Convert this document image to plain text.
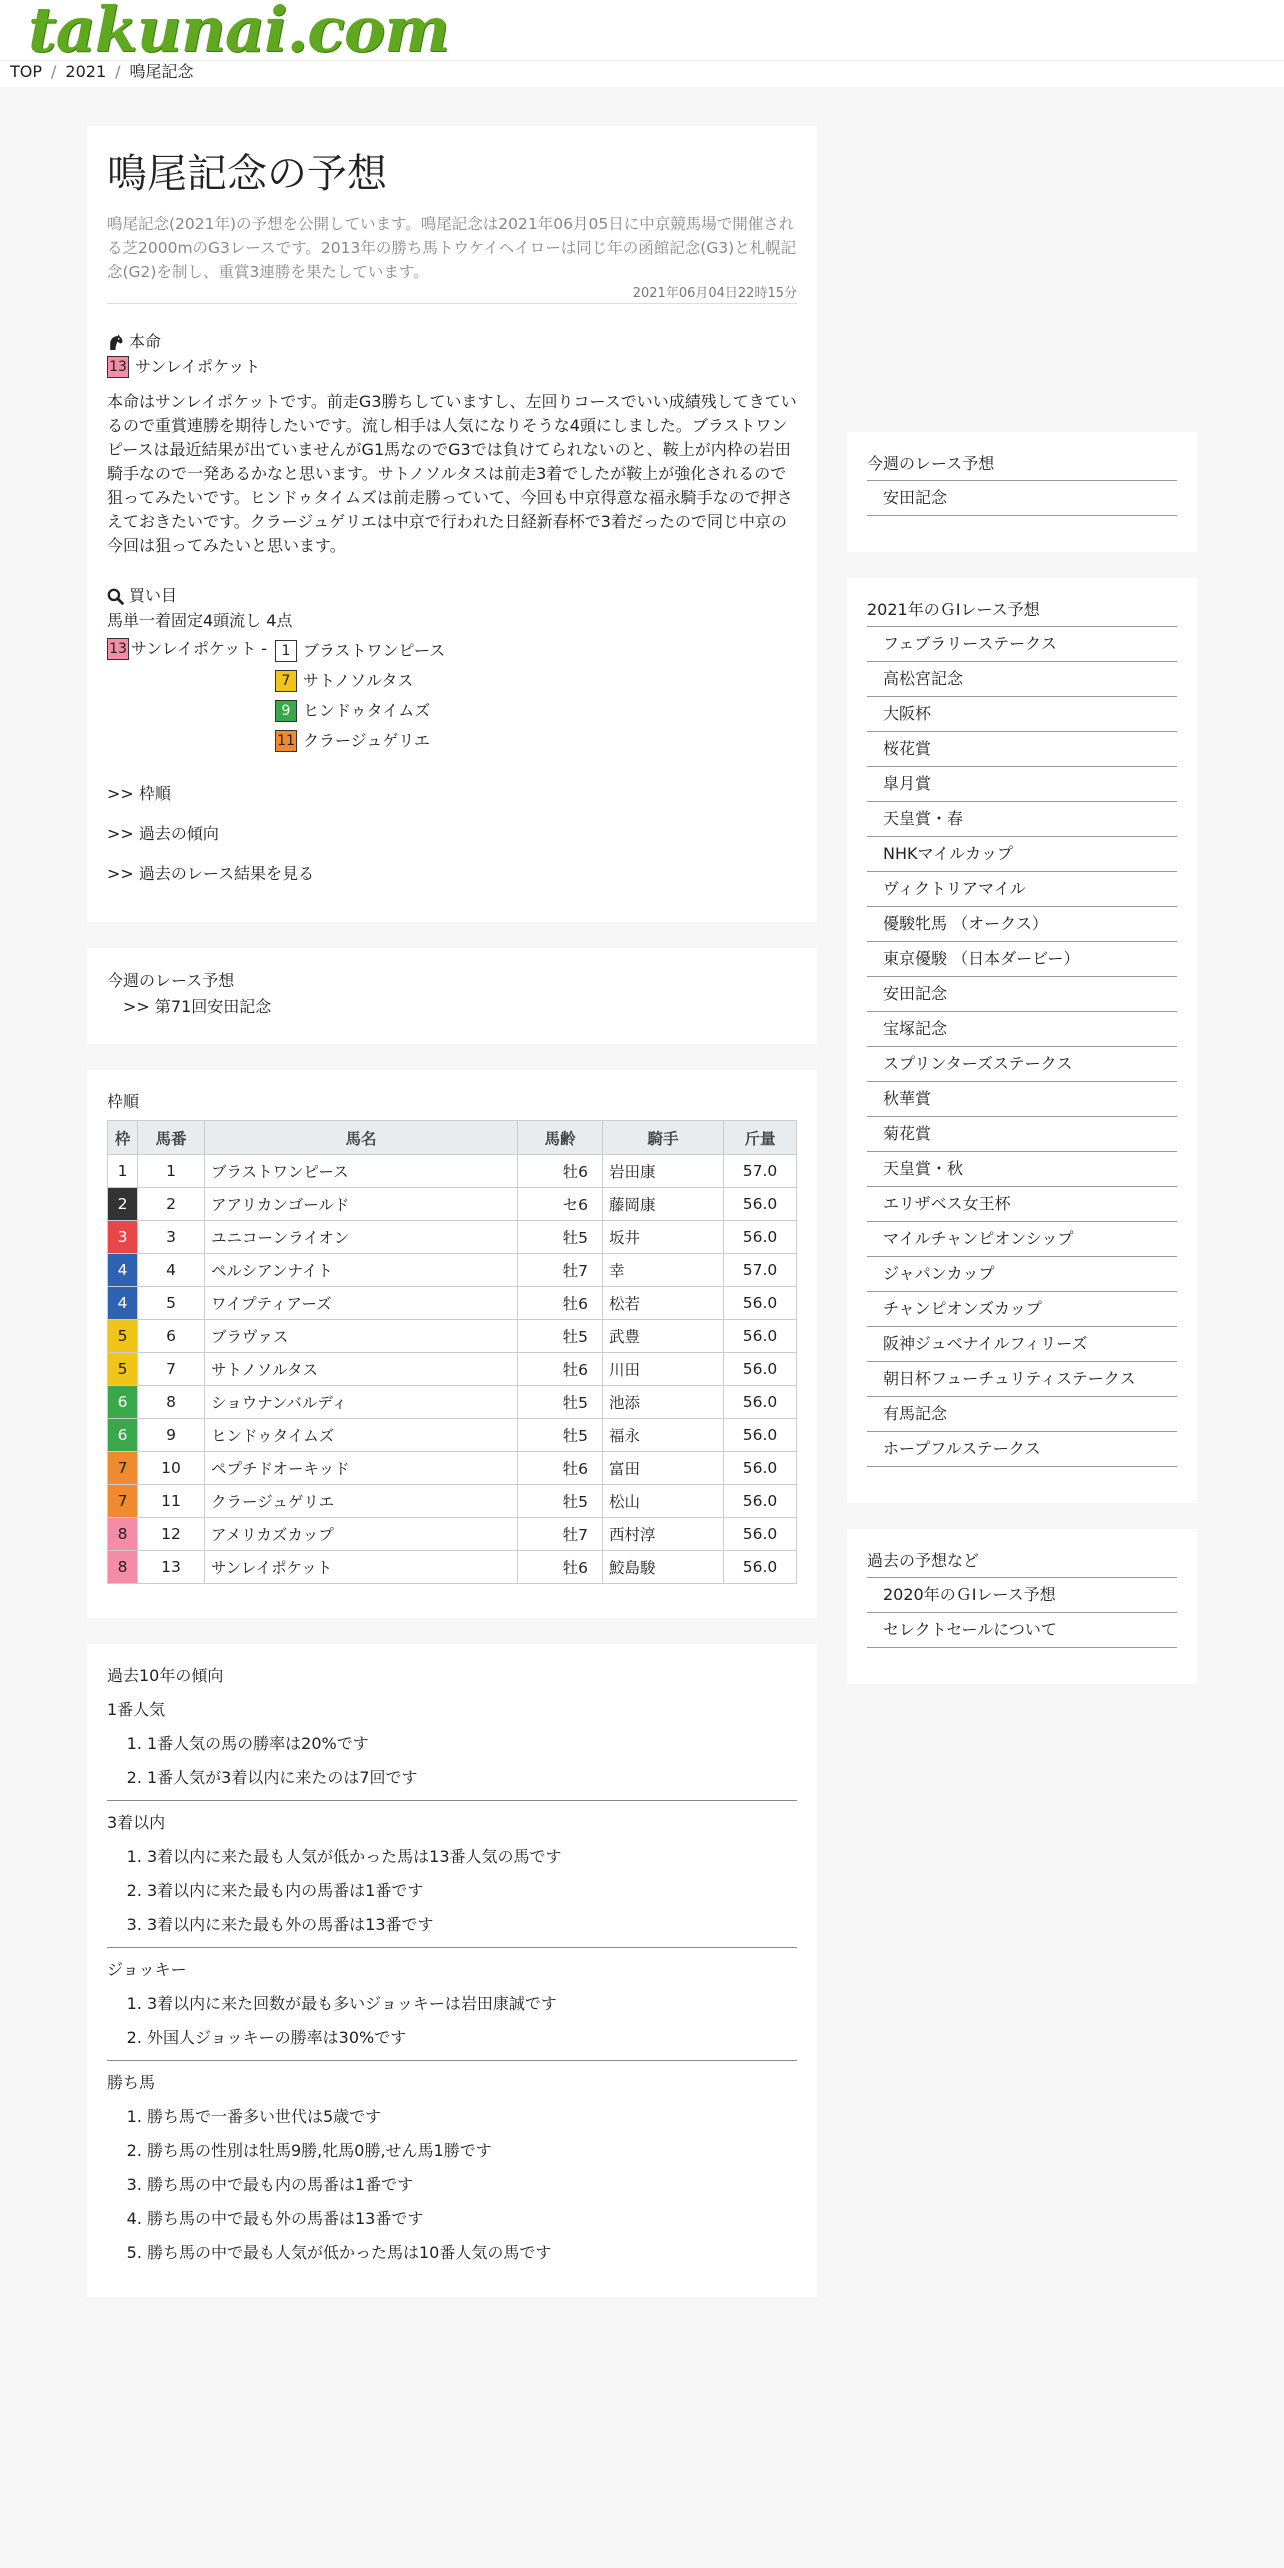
takunai.com
TOP / 2021 / 鳴尾記念
鳴尾記念の予想
鳴尾記念(2021年)の予想を公開しています。鳴尾記念は2021年06月05日に中京競馬場で開催される芝2000mのG3レースです。2013年の勝ち馬トウケイヘイローは同じ年の函館記念(G3)と札幌記念(G2)を制し、重賞3連勝を果たしています。
2021年06月04日22時15分
本命
13 サンレイポケット
本命はサンレイポケットです。前走G3勝ちしていますし、左回りコースでいい成績残してきているので重賞連勝を期待したいです。流し相手は人気になりそうな4頭にしました。ブラストワンピースは最近結果が出ていませんがG1馬なのでG3では負けてられないのと、鞍上が内枠の岩田騎手なので一発あるかなと思います。サトノソルタスは前走3着でしたが鞍上が強化されるので狙ってみたいです。ヒンドゥタイムズは前走勝っていて、今回も中京得意な福永騎手なので押さえておきたいです。クラージュゲリエは中京で行われた日経新春杯で3着だったので同じ中京の今回は狙ってみたいと思います。
買い目
馬単一着固定4頭流し 4点
13 サンレイポケット -	1 ブラストワンピース
7 サトノソルタス
9 ヒンドゥタイムズ
11 クラージュゲリエ
>> 枠順
>> 過去の傾向
>> 過去のレース結果を見る
今週のレース予想
>> 第71回安田記念
枠順
枠	馬番	馬名	馬齢	騎手	斤量
1	1	ブラストワンピース	牡6	岩田康	57.0
2	2	アアリカンゴールド	セ6	藤岡康	56.0
3	3	ユニコーンライオン	牡5	坂井	56.0
4	4	ペルシアンナイト	牡7	幸	57.0
4	5	ワイプティアーズ	牡6	松若	56.0
5	6	ブラヴァス	牡5	武豊	56.0
5	7	サトノソルタス	牡6	川田	56.0
6	8	ショウナンバルディ	牡5	池添	56.0
6	9	ヒンドゥタイムズ	牡5	福永	56.0
7	10	ペプチドオーキッド	牡6	富田	56.0
7	11	クラージュゲリエ	牡5	松山	56.0
8	12	アメリカズカップ	牡7	西村淳	56.0
8	13	サンレイポケット	牡6	鮫島駿	56.0
過去10年の傾向
1番人気
1. 1番人気の馬の勝率は20%です
2. 1番人気が3着以内に来たのは7回です
3着以内
1. 3着以内に来た最も人気が低かった馬は13番人気の馬です
2. 3着以内に来た最も内の馬番は1番です
3. 3着以内に来た最も外の馬番は13番です
ジョッキー
1. 3着以内に来た回数が最も多いジョッキーは岩田康誠です
2. 外国人ジョッキーの勝率は30%です
勝ち馬
1. 勝ち馬で一番多い世代は5歳です
2. 勝ち馬の性別は牡馬9勝,牝馬0勝,せん馬1勝です
3. 勝ち馬の中で最も内の馬番は1番です
4. 勝ち馬の中で最も外の馬番は13番です
5. 勝ち馬の中で最も人気が低かった馬は10番人気の馬です
今週のレース予想
安田記念
2021年のＧⅠレース予想
フェブラリーステークス
高松宮記念
大阪杯
桜花賞
皐月賞
天皇賞・春
NHKマイルカップ
ヴィクトリアマイル
優駿牝馬 （オークス）
東京優駿 （日本ダービー）
安田記念
宝塚記念
スプリンターズステークス
秋華賞
菊花賞
天皇賞・秋
エリザベス女王杯
マイルチャンピオンシップ
ジャパンカップ
チャンピオンズカップ
阪神ジュベナイルフィリーズ
朝日杯フューチュリティステークス
有馬記念
ホープフルステークス
過去の予想など
2020年のＧⅠレース予想
セレクトセールについて
